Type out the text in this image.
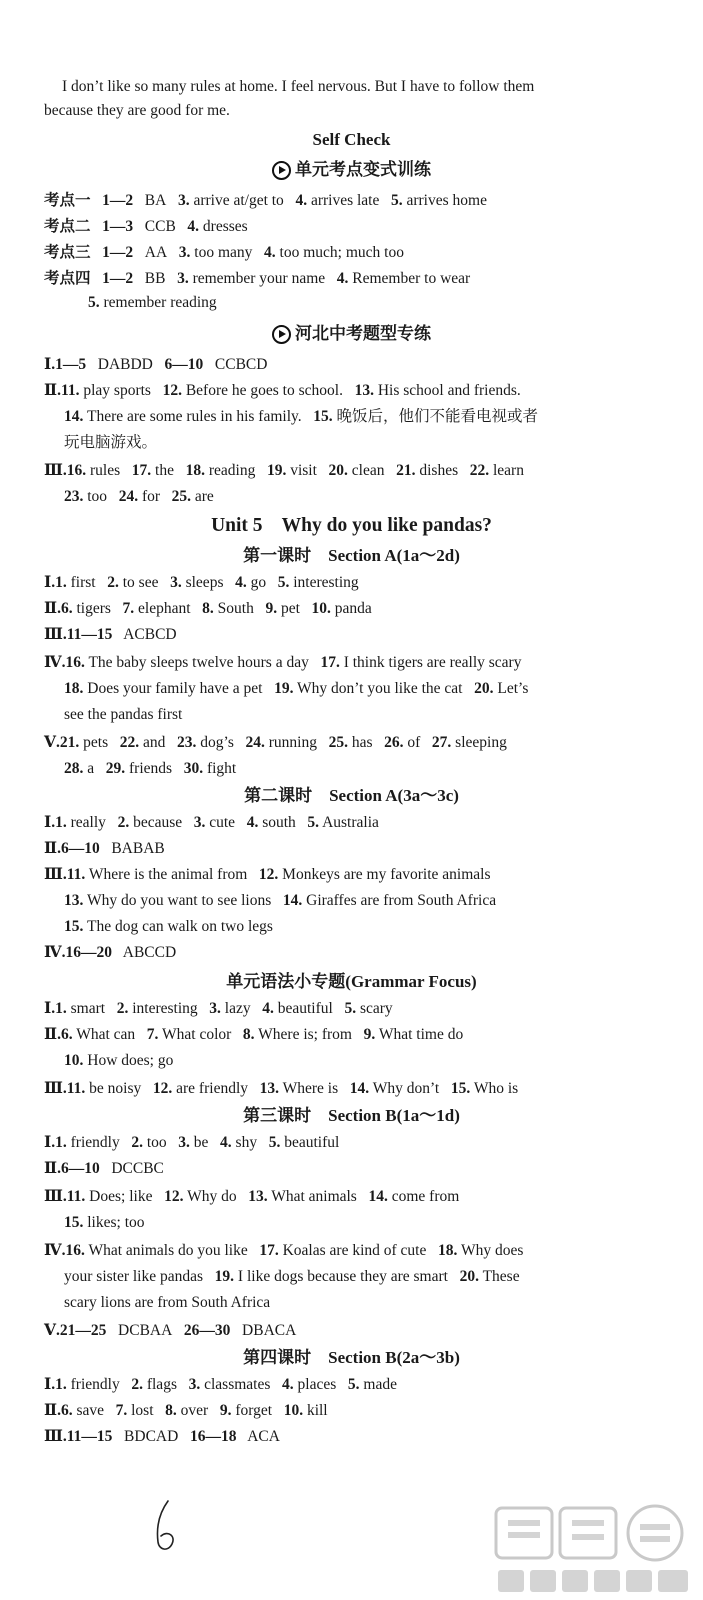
I don’t like so many rules at home. I feel nervous. But I have to follow them
because they are good for me.
Self Check
单元考点变式训练
考点一 1—2 BA 3. arrive at/get to 4. arrives late 5. arrives home
考点二 1—3 CCB 4. dresses
考点三 1—2 AA 3. too many 4. too much; much too
考点四 1—2 BB 3. remember your name 4. Remember to wear
5. remember reading
河北中考题型专练
Ⅰ.1—5 DABDD 6—10 CCBCD
Ⅱ.11. play sports 12. Before he goes to school. 13. His school and friends.
14. There are some rules in his family. 15. 晚饭后，他们不能看电视或者
玩电脑游戏。
Ⅲ.16. rules 17. the 18. reading 19. visit 20. clean 21. dishes 22. learn
23. too 24. for 25. are
Unit 5    Why do you like pandas?
第一课时    Section A(1a～2d)
Ⅰ.1. first 2. to see 3. sleeps 4. go 5. interesting
Ⅱ.6. tigers 7. elephant 8. South 9. pet 10. panda
Ⅲ.11—15 ACBCD
Ⅳ.16. The baby sleeps twelve hours a day 17. I think tigers are really scary
18. Does your family have a pet 19. Why don’t you like the cat 20. Let’s
see the pandas first
Ⅴ.21. pets 22. and 23. dog’s 24. running 25. has 26. of 27. sleeping
28. a 29. friends 30. fight
第二课时    Section A(3a～3c)
Ⅰ.1. really 2. because 3. cute 4. south 5. Australia
Ⅱ.6—10 BABAB
Ⅲ.11. Where is the animal from 12. Monkeys are my favorite animals
13. Why do you want to see lions 14. Giraffes are from South Africa
15. The dog can walk on two legs
Ⅳ.16—20 ABCCD
单元语法小专题(Grammar Focus)
Ⅰ.1. smart 2. interesting 3. lazy 4. beautiful 5. scary
Ⅱ.6. What can 7. What color 8. Where is; from 9. What time do
10. How does; go
Ⅲ.11. be noisy 12. are friendly 13. Where is 14. Why don’t 15. Who is
第三课时    Section B(1a～1d)
Ⅰ.1. friendly 2. too 3. be 4. shy 5. beautiful
Ⅱ.6—10 DCCBC
Ⅲ.11. Does; like 12. Why do 13. What animals 14. come from
15. likes; too
Ⅳ.16. What animals do you like 17. Koalas are kind of cute 18. Why does
your sister like pandas 19. I like dogs because they are smart 20. These
scary lions are from South Africa
Ⅴ.21—25 DCBAA 26—30 DBACA
第四课时    Section B(2a～3b)
Ⅰ.1. friendly 2. flags 3. classmates 4. places 5. made
Ⅱ.6. save 7. lost 8. over 9. forget 10. kill
Ⅲ.11—15 BDCAD 16—18 ACA
